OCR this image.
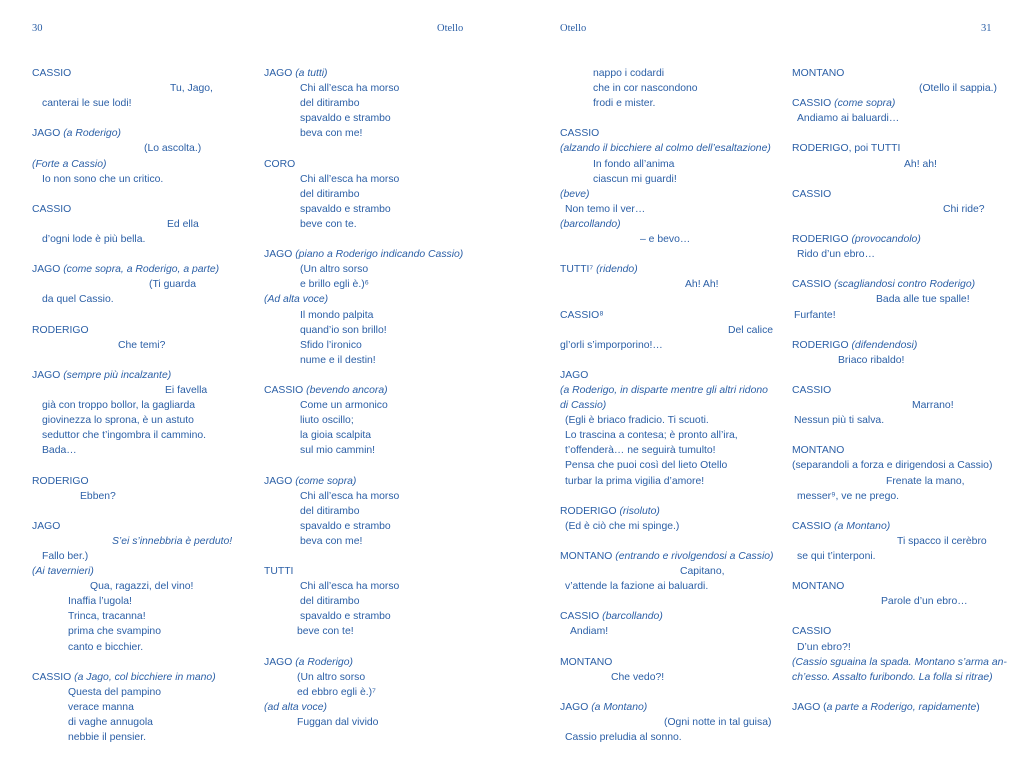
30	Otello	Otello	31
CASSIO
Tu, Jago,
canterai le sue lodi!
JAGO (a Roderigo)
(Lo ascolta.)
(Forte a Cassio)
Io non sono che un critico.
CASSIO
Ed ella
d’ogni lode è più bella.
JAGO (come sopra, a Roderigo, a parte)
(Ti guarda
da quel Cassio.
RODERIGO
Che temi?
JAGO (sempre più incalzante)
Ei favella
già con troppo bollor, la gagliarda
giovinezza lo sprona, è un astuto
seduttor che t’ingombra il cammino.
Bada…
RODERIGO
Ebben?
JAGO
S’ei s’innebbria è perduto!
Fallo ber.)
(Ai tavernieri)
Qua, ragazzi, del vino!
Inaffia l’ugola!
Trinca, tracanna!
prima che svampino
canto e bicchier.
CASSIO (a Jago, col bicchiere in mano)
Questa del pampino
verace manna
di vaghe annugola
nebbie il pensier.
JAGO (a tutti)
Chi all’esca ha morso
del ditirambo
spavaldo e strambo
beva con me!
CORO
Chi all’esca ha morso
del ditirambo
spavaldo e strambo
beve con te.
JAGO (piano a Roderigo indicando Cassio)
(Un altro sorso
e brillo egli è.)⁶
(Ad alta voce)
Il mondo palpita
quand’io son brillo!
Sfido l’ironico
nume e il destin!
CASSIO (bevendo ancora)
Come un armonico
liuto oscillo;
la gioia scalpita
sul mio cammin!
JAGO (come sopra)
Chi all’esca ha morso
del ditirambo
spavaldo e strambo
beva con me!
TUTTI
Chi all’esca ha morso
del ditirambo
spavaldo e strambo
beve con te!
JAGO (a Roderigo)
(Un altro sorso
ed ebbro egli è.)⁷
(ad alta voce)
Fuggan dal vivido
nappo i codardi
che in cor nascondono
frodi e mister.
CASSIO
(alzando il bicchiere al colmo dell’esaltazione)
In fondo all’anima
ciascun mi guardi!
(beve)
Non temo il ver…
(barcollando)
– e bevo…
TUTTI⁷ (ridendo)
Ah! Ah!
CASSIO⁸
Del calice
gl’orli s’imporporino!…
JAGO
(a Roderigo, in disparte mentre gli altri ridono
di Cassio)
(Egli è briaco fradicio. Ti scuoti.
Lo trascina a contesa; è pronto all’ira,
t’offenderà… ne seguirà tumulto!
Pensa che puoi così del lieto Otello
turbar la prima vigilia d’amore!
RODERIGO (risoluto)
(Ed è ciò che mi spinge.)
MONTANO (entrando e rivolgendosi a Cassio)
Capitano,
v’attende la fazione ai baluardi.
CASSIO (barcollando)
Andiam!
MONTANO
Che vedo?!
JAGO (a Montano)
(Ogni notte in tal guisa)
Cassio preludia al sonno.
MONTANO
(Otello il sappia.)
CASSIO (come sopra)
Andiamo ai baluardi…
RODERIGO, poi TUTTI
Ah! ah!
CASSIO
Chi ride?
RODERIGO (provocandolo)
Rido d’un ebro…
CASSIO (scagliandosi contro Roderigo)
Bada alle tue spalle!
Furfante!
RODERIGO (difendendosi)
Briaco ribaldo!
CASSIO
Marrano!
Nessun più ti salva.
MONTANO
(separandoli a forza e dirigendosi a Cassio)
Frenate la mano,
messer⁹, ve ne prego.
CASSIO (a Montano)
Ti spacco il cerèbro
se qui t’interponi.
MONTANO
Parole d’un ebro…
CASSIO
D’un ebro?!
(Cassio sguaina la spada. Montano s’arma an-
ch’esso. Assalto furibondo. La folla si ritrae)
JAGO (a parte a Roderigo, rapidamente)
